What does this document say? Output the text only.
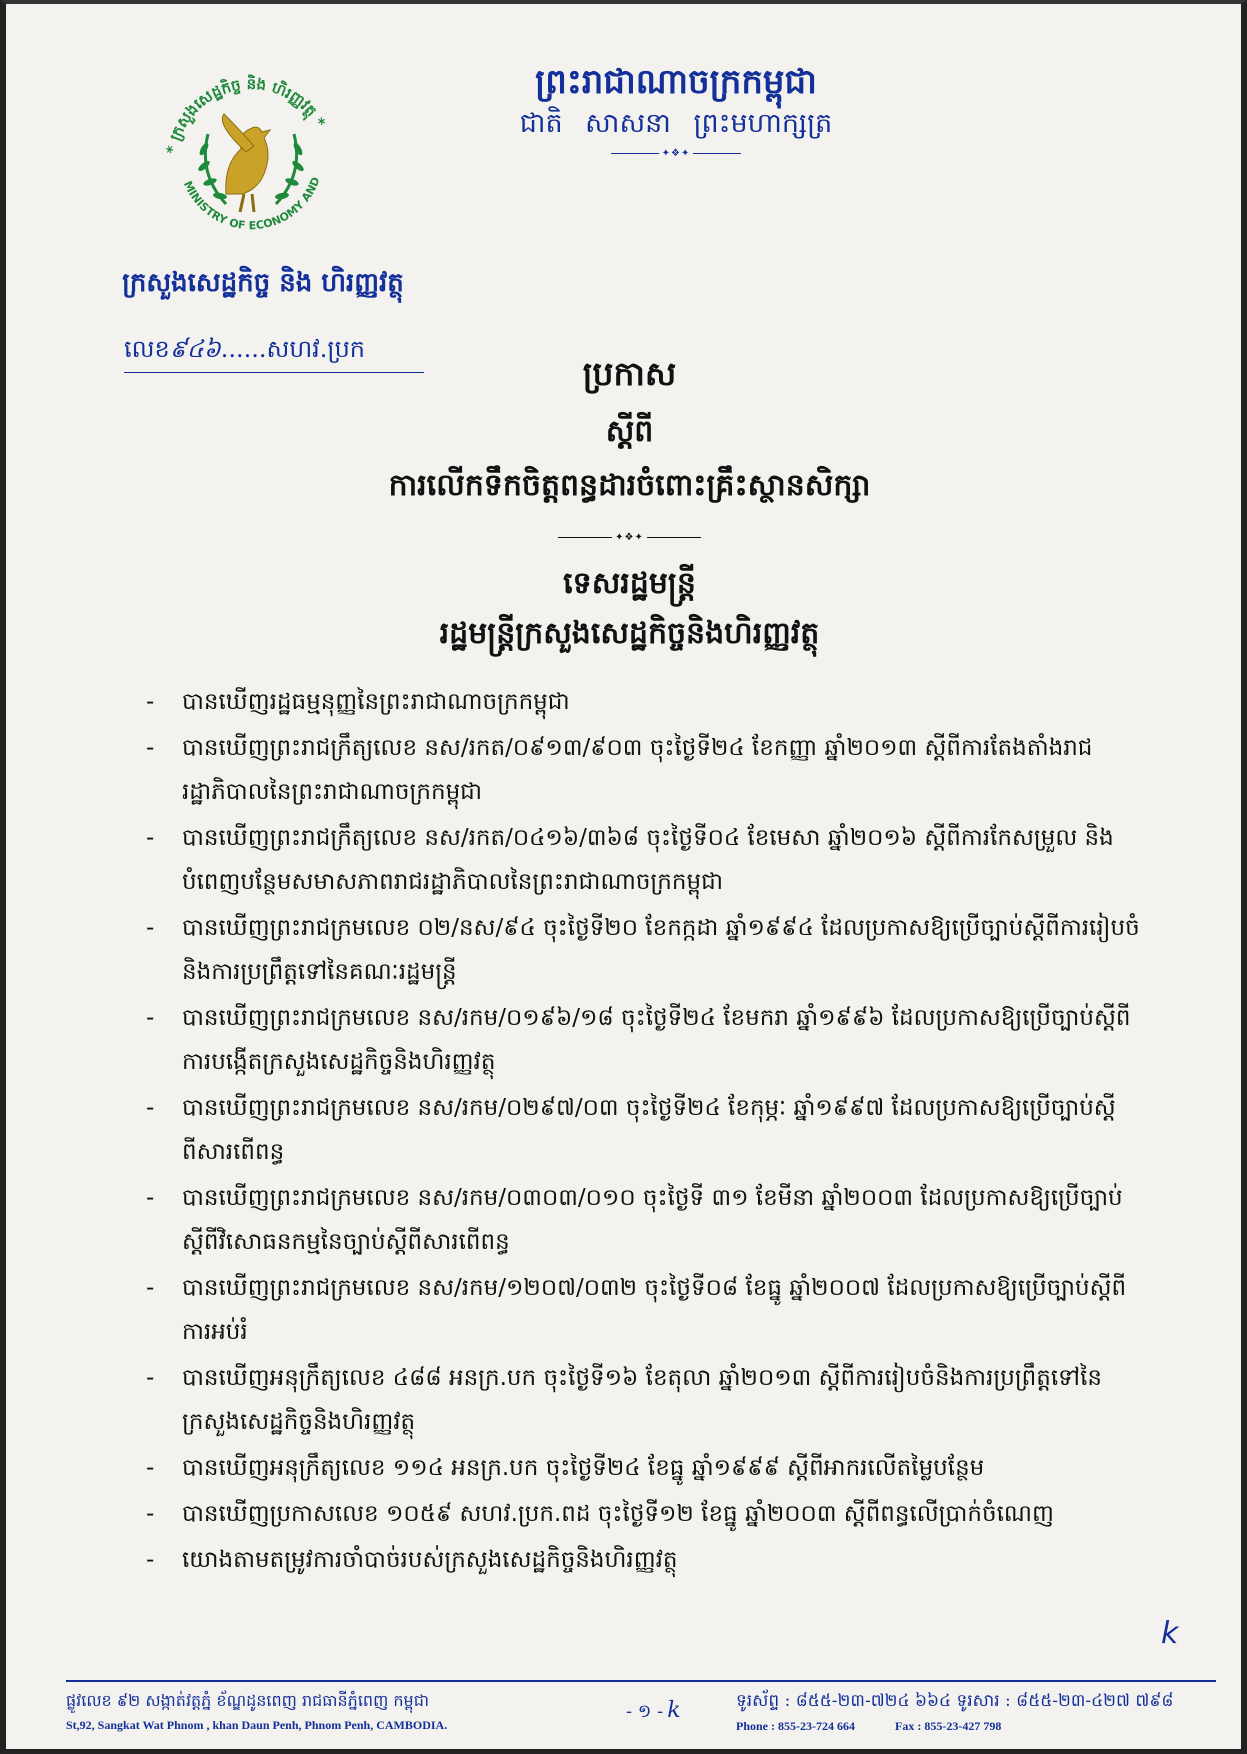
* ក្រសួងសេដ្ឋកិច្ច និង ហិរញ្ញវត្ថុ *
MINISTRY OF ECONOMY AND
ក្រសួងសេដ្ឋកិច្ច និង ហិរញ្ញវត្ថុ
លេខ៩៤៦......សហវ.ប្រក
ព្រះរាជាណាចក្រកម្ពុជា
ជាតិ សាសនា ព្រះមហាក្សត្រ
✦❖✦
ប្រកាស
ស្តីពី
ការលើកទឹកចិត្តពន្ធដារចំពោះគ្រឹះស្ថានសិក្សា
✦❖✦
ទេសរដ្ឋមន្ត្រី
រដ្ឋមន្ត្រីក្រសួងសេដ្ឋកិច្ចនិងហិរញ្ញវត្ថុ
- បានឃើញរដ្ឋធម្មនុញ្ញនៃព្រះរាជាណាចក្រកម្ពុជា
- បានឃើញព្រះរាជក្រឹត្យលេខ នស/រកត/០៩១៣/៩០៣ ចុះថ្ងៃទី២៤ ខែកញ្ញា ឆ្នាំ២០១៣ ស្តីពីការតែងតាំងរាជរដ្ឋាភិបាលនៃព្រះរាជាណាចក្រកម្ពុជា
- បានឃើញព្រះរាជក្រឹត្យលេខ នស/រកត/០៤១៦/៣៦៨ ចុះថ្ងៃទី០៤ ខែមេសា ឆ្នាំ២០១៦ ស្តីពីការកែសម្រួល និងបំពេញបន្ថែមសមាសភាពរាជរដ្ឋាភិបាលនៃព្រះរាជាណាចក្រកម្ពុជា
- បានឃើញព្រះរាជក្រមលេខ ០២/នស/៩៤ ចុះថ្ងៃទី២០ ខែកក្កដា ឆ្នាំ១៩៩៤ ដែលប្រកាសឱ្យប្រើច្បាប់ស្តីពីការរៀបចំ និងការប្រព្រឹត្តទៅនៃគណៈរដ្ឋមន្ត្រី
- បានឃើញព្រះរាជក្រមលេខ នស/រកម/០១៩៦/១៨ ចុះថ្ងៃទី២៤ ខែមករា ឆ្នាំ១៩៩៦ ដែលប្រកាសឱ្យប្រើច្បាប់ស្តីពីការបង្កើតក្រសួងសេដ្ឋកិច្ចនិងហិរញ្ញវត្ថុ
- បានឃើញព្រះរាជក្រមលេខ នស/រកម/០២៩៧/០៣ ចុះថ្ងៃទី២៤ ខែកុម្ភៈ ឆ្នាំ១៩៩៧ ដែលប្រកាសឱ្យប្រើច្បាប់ស្តីពីសារពើពន្ធ
- បានឃើញព្រះរាជក្រមលេខ នស/រកម/០៣០៣/០១០ ចុះថ្ងៃទី ៣១ ខែមីនា ឆ្នាំ២០០៣ ដែលប្រកាសឱ្យប្រើច្បាប់ស្តីពីវិសោធនកម្មនៃច្បាប់ស្តីពីសារពើពន្ធ
- បានឃើញព្រះរាជក្រមលេខ នស/រកម/១២០៧/០៣២ ចុះថ្ងៃទី០៨ ខែធ្នូ ឆ្នាំ២០០៧ ដែលប្រកាសឱ្យប្រើច្បាប់ស្តីពីការអប់រំ
- បានឃើញអនុក្រឹត្យលេខ ៤៨៨ អនក្រ.បក ចុះថ្ងៃទី១៦ ខែតុលា ឆ្នាំ២០១៣ ស្តីពីការរៀបចំនិងការប្រព្រឹត្តទៅនៃក្រសួងសេដ្ឋកិច្ចនិងហិរញ្ញវត្ថុ
- បានឃើញអនុក្រឹត្យលេខ ១១៤ អនក្រ.បក ចុះថ្ងៃទី២៤ ខែធ្នូ ឆ្នាំ១៩៩៩ ស្តីពីអាករលើតម្លៃបន្ថែម
- បានឃើញប្រកាសលេខ ១០៥៩ សហវ.ប្រក.ពដ ចុះថ្ងៃទី១២ ខែធ្នូ ឆ្នាំ២០០៣ ស្តីពីពន្ធលើប្រាក់ចំណេញ
- យោងតាមតម្រូវការចាំបាច់របស់ក្រសួងសេដ្ឋកិច្ចនិងហិរញ្ញវត្ថុ
k
ផ្លូវលេខ ៩២ សង្កាត់វត្តភ្នំ ខ័ណ្ឌដូនពេញ រាជធានីភ្នំពេញ កម្ពុជា
St,92, Sangkat Wat Phnom , khan Daun Penh, Phnom Penh, CAMBODIA.
- ១ - k	ទូរស័ព្ទ : ៨៥៥-២៣-៧២៤ ៦៦៤ ទូរសារ : ៨៥៥-២៣-៤២៧ ៧៩៨
Phone : 855-23-724 664	Fax : 855-23-427 798
